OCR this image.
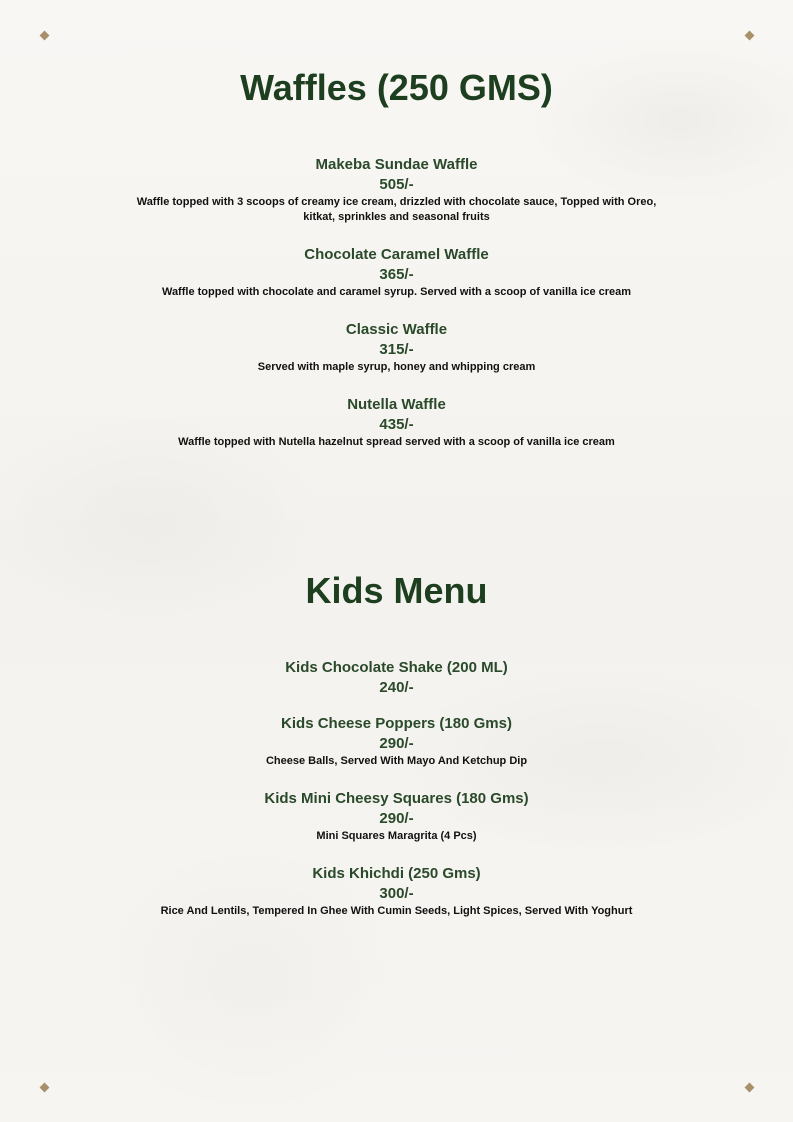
Waffles (250 GMS)
Makeba Sundae Waffle
505/-
Waffle topped with 3 scoops of creamy ice cream, drizzled with chocolate sauce, Topped with Oreo, kitkat, sprinkles and seasonal fruits
Chocolate Caramel Waffle
365/-
Waffle topped with chocolate and caramel syrup. Served with a scoop of vanilla ice cream
Classic Waffle
315/-
Served with maple syrup, honey and whipping cream
Nutella Waffle
435/-
Waffle topped with Nutella hazelnut spread served with a scoop of vanilla ice cream
Kids Menu
Kids Chocolate Shake (200 ML)
240/-
Kids Cheese Poppers (180 Gms)
290/-
Cheese Balls, Served With Mayo And Ketchup Dip
Kids Mini Cheesy Squares (180 Gms)
290/-
Mini Squares Maragrita (4 Pcs)
Kids Khichdi (250 Gms)
300/-
Rice And Lentils, Tempered In Ghee With Cumin Seeds, Light Spices, Served With Yoghurt
